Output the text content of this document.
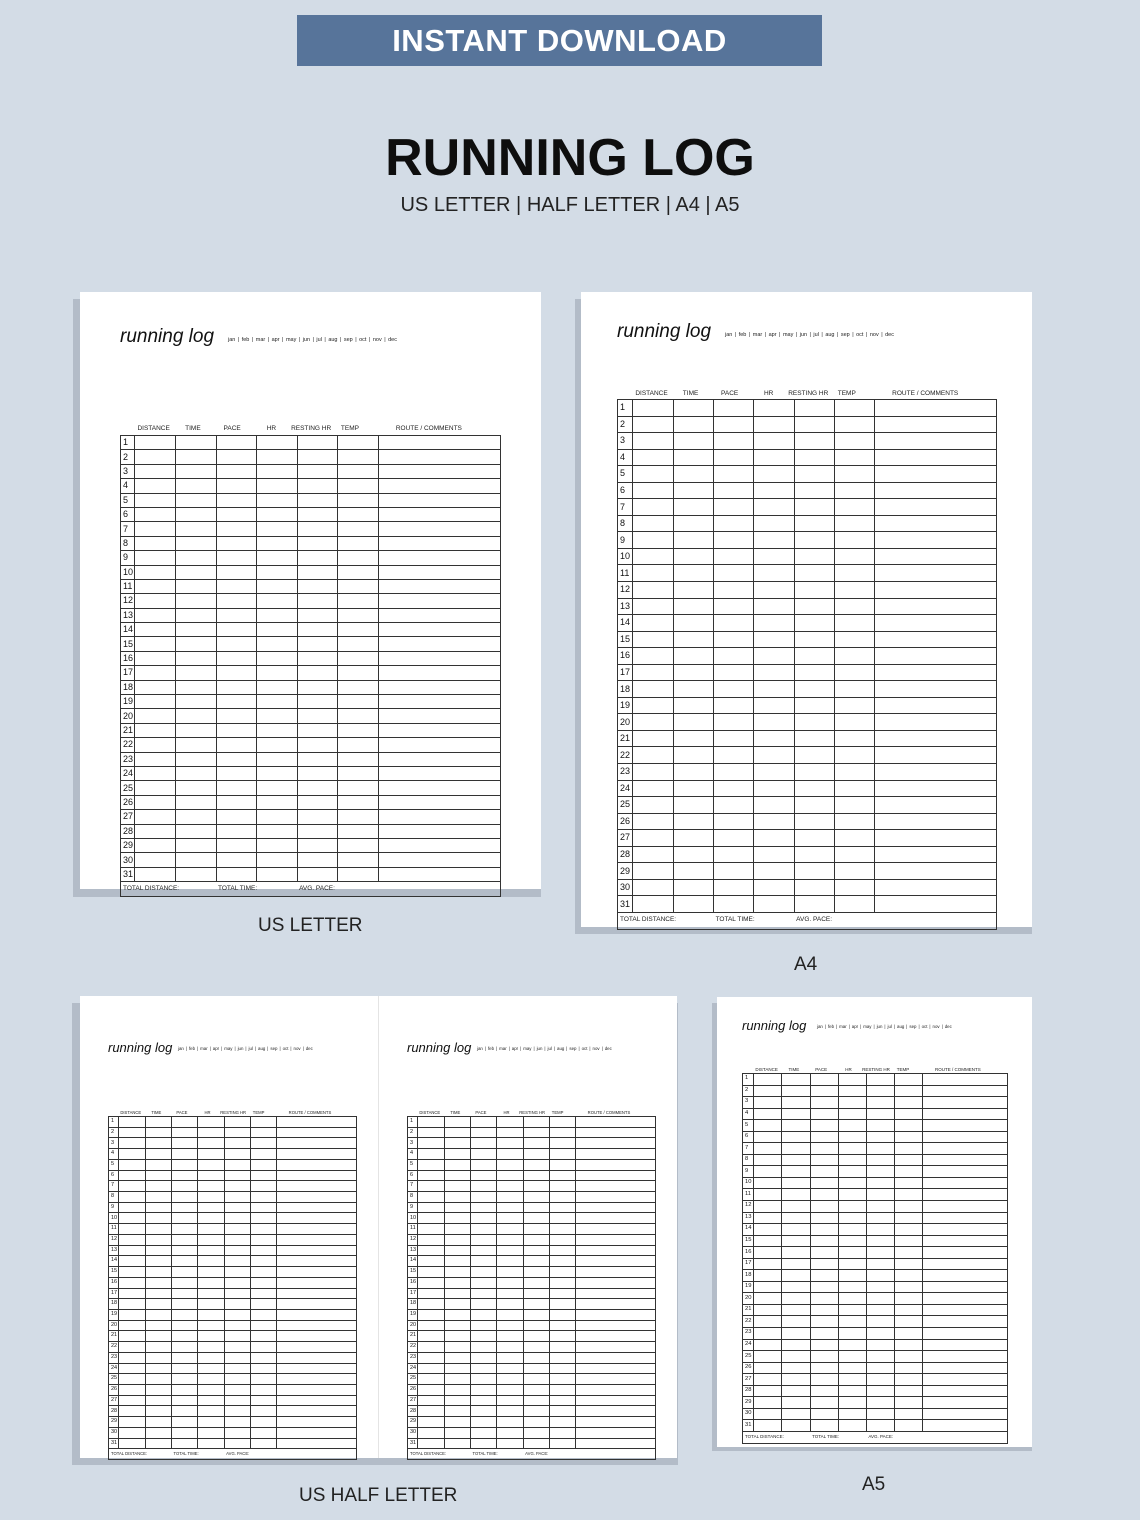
INSTANT DOWNLOAD
RUNNING LOG
US LETTER | HALF LETTER | A4 | A5
running log	jan | feb | mar | apr | may | jun | jul | aug | sep | oct | nov | dec
DISTANCE	TIME	PACE	HR	RESTING HR	TEMP	ROUTE / COMMENTS
1							
2							
3							
4							
5							
6							
7							
8							
9							
10							
11							
12							
13							
14							
15							
16							
17							
18							
19							
20							
21							
22							
23							
24							
25							
26							
27							
28							
29							
30							
31							
TOTAL DISTANCE:			TOTAL TIME:		AVG. PACE:		
US LETTER
running log	jan | feb | mar | apr | may | jun | jul | aug | sep | oct | nov | dec
DISTANCE	TIME	PACE	HR	RESTING HR	TEMP	ROUTE / COMMENTS
1							
2							
3							
4							
5							
6							
7							
8							
9							
10							
11							
12							
13							
14							
15							
16							
17							
18							
19							
20							
21							
22							
23							
24							
25							
26							
27							
28							
29							
30							
31							
TOTAL DISTANCE:			TOTAL TIME:		AVG. PACE:		
A4
running log jan | feb | mar | apr | may | jun | jul | aug | sep | oct | nov | dec
DISTANCE	TIME	PACE	HR	RESTING HR	TEMP	ROUTE / COMMENTS
1							
2							
3							
4							
5							
6							
7							
8							
9							
10							
11							
12							
13							
14							
15							
16							
17							
18							
19							
20							
21							
22							
23							
24							
25							
26							
27							
28							
29							
30							
31							
TOTAL DISTANCE:			TOTAL TIME:		AVG. PACE:		
running log jan | feb | mar | apr | may | jun | jul | aug | sep | oct | nov | dec
DISTANCE	TIME	PACE	HR	RESTING HR	TEMP	ROUTE / COMMENTS
1							
2							
3							
4							
5							
6							
7							
8							
9							
10							
11							
12							
13							
14							
15							
16							
17							
18							
19							
20							
21							
22							
23							
24							
25							
26							
27							
28							
29							
30							
31							
TOTAL DISTANCE:			TOTAL TIME:		AVG. PACE:		
US HALF LETTER
running log jan | feb | mar | apr | may | jun | jul | aug | sep | oct | nov | dec
DISTANCE	TIME	PACE	HR	RESTING HR	TEMP	ROUTE / COMMENTS
1							
2							
3							
4							
5							
6							
7							
8							
9							
10							
11							
12							
13							
14							
15							
16							
17							
18							
19							
20							
21							
22							
23							
24							
25							
26							
27							
28							
29							
30							
31							
TOTAL DISTANCE:			TOTAL TIME:		AVG. PACE:		
A5
